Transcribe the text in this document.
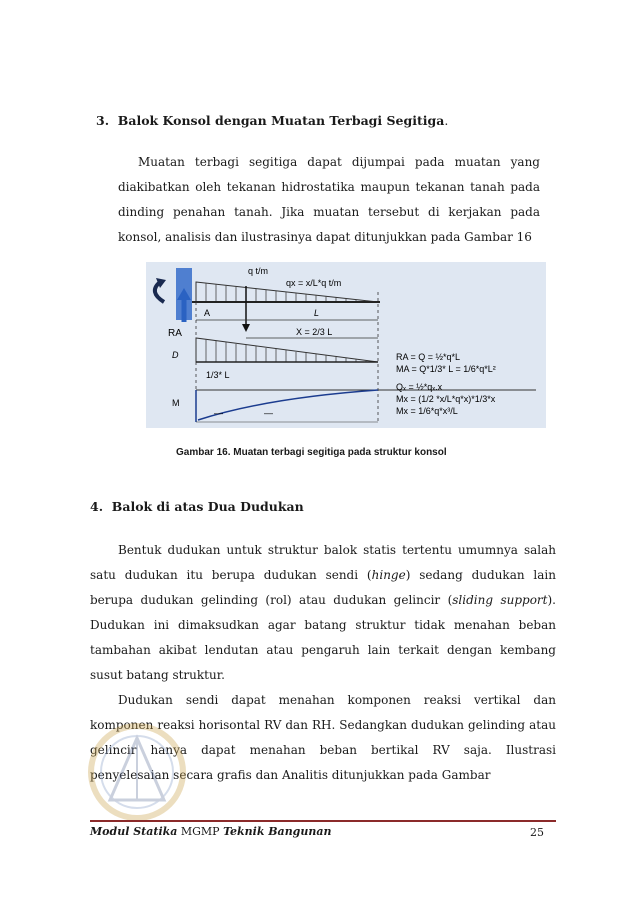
3. Balok Konsol dengan Muatan Terbagi Segitiga.

Muatan terbagi segitiga dapat dijumpai pada muatan yang diakibatkan oleh tekanan hidrostatika maupun tekanan tanah pada dinding penahan tanah. Jika muatan tersebut di kerjakan pada konsol, analisis dan ilustrasinya dapat ditunjukkan pada Gambar 16

q t/m
qx = x/L*q t/m
A	L
X = 2/3 L
RA
D
1/3* L
M
—	—
RA = Q = ½*q*L
MA = Q*1/3* L = 1/6*q*L²
Qₓ = ½*qₓ.x
Mx = (1/2 *x/L*q*x)*1/3*x
Mx = 1/6*q*x³/L
Gambar 16. Muatan terbagi segitiga pada struktur konsol
4. Balok di atas Dua Dudukan

Bentuk dudukan untuk struktur balok statis tertentu umumnya salah satu dudukan itu berupa dudukan sendi (hinge) sedang dudukan lain berupa dudukan gelinding (rol) atau dudukan gelincir (sliding support). Dudukan ini dimaksudkan agar batang struktur tidak menahan beban tambahan akibat lendutan atau pengaruh lain terkait dengan kembang susut batang struktur.

Dudukan sendi dapat menahan komponen reaksi vertikal dan komponen reaksi horisontal RV dan RH. Sedangkan dudukan gelinding atau gelincir hanya dapat menahan beban bertikal RV saja. Ilustrasi penyelesaian secara grafis dan Analitis ditunjukkan pada Gambar

Modul Statika MGMP Teknik Bangunan	25
